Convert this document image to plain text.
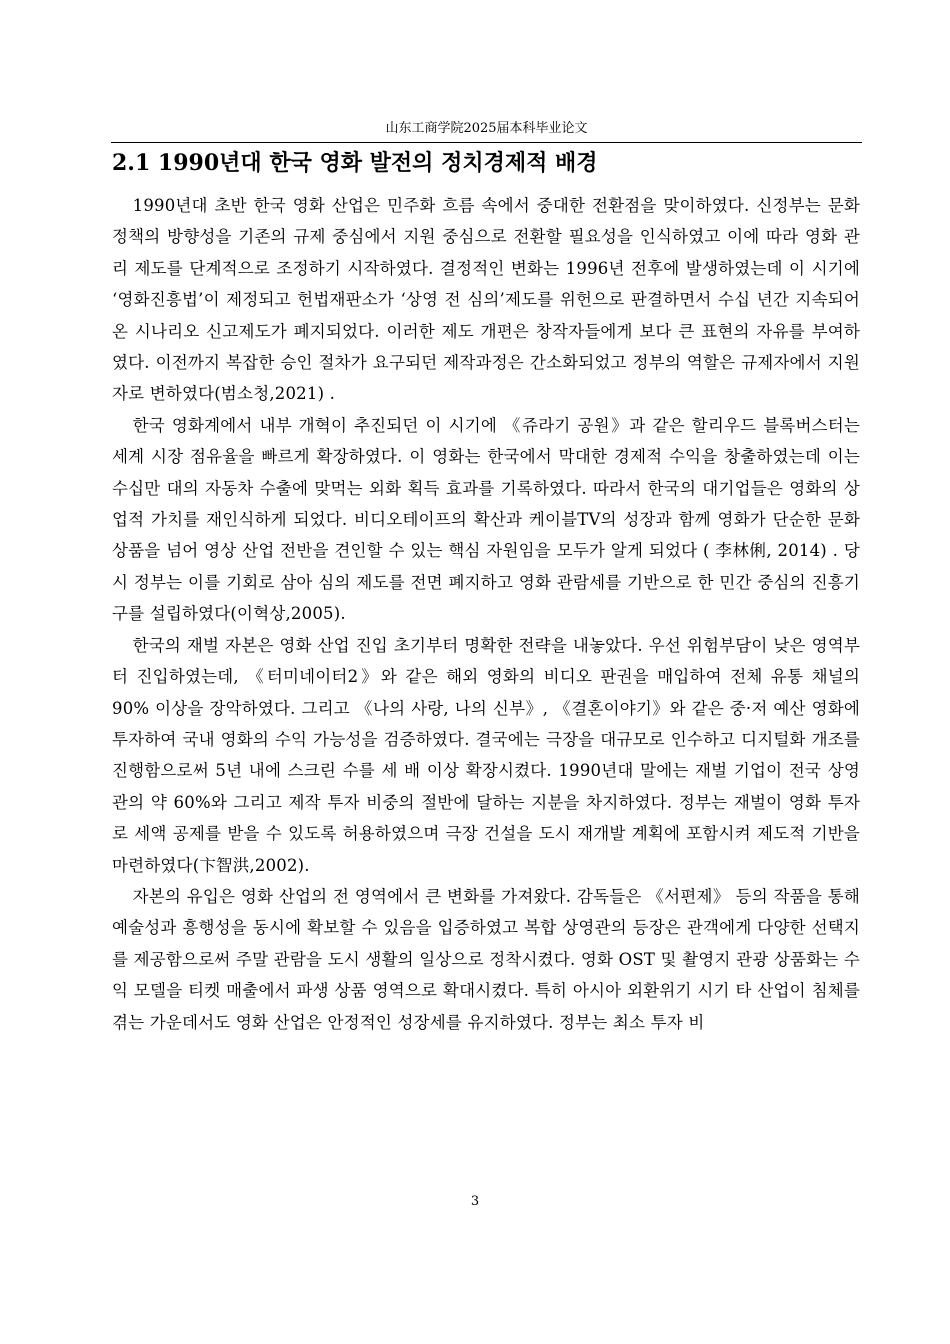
山东工商学院2025届本科毕业论文
2.1 1990년대 한국 영화 발전의 정치경제적 배경

1990년대 초반 한국 영화 산업은 민주화 흐름 속에서 중대한 전환점을 맞이하였다. 신정부는 문화 정책의 방향성을 기존의 규제 중심에서 지원 중심으로 전환할 필요성을 인식하였고 이에 따라 영화 관리 제도를 단계적으로 조정하기 시작하였다. 결정적인 변화는 1996년 전후에 발생하였는데 이 시기에 ‘영화진흥법’이 제정되고 헌법재판소가 ‘상영 전 심의’제도를 위헌으로 판결하면서 수십 년간 지속되어 온 시나리오 신고제도가 폐지되었다. 이러한 제도 개편은 창작자들에게 보다 큰 표현의 자유를 부여하였다. 이전까지 복잡한 승인 절차가 요구되던 제작과정은 간소화되었고 정부의 역할은 규제자에서 지원자로 변하였다(범소청,2021) .

한국 영화계에서 내부 개혁이 추진되던 이 시기에 《쥬라기 공원》과 같은 할리우드 블록버스터는 세계 시장 점유율을 빠르게 확장하였다. 이 영화는 한국에서 막대한 경제적 수익을 창출하였는데 이는 수십만 대의 자동차 수출에 맞먹는 외화 획득 효과를 기록하였다. 따라서 한국의 대기업들은 영화의 상업적 가치를 재인식하게 되었다. 비디오테이프의 확산과 케이블TV의 성장과 함께 영화가 단순한 문화 상품을 넘어 영상 산업 전반을 견인할 수 있는 핵심 자원임을 모두가 알게 되었다 ( 李林俐, 2014) . 당시 정부는 이를 기회로 삼아 심의 제도를 전면 폐지하고 영화 관람세를 기반으로 한 민간 중심의 진흥기구를 설립하였다(이혁상,2005).

한국의 재벌 자본은 영화 산업 진입 초기부터 명확한 전략을 내놓았다. 우선 위험부담이 낮은 영역부터 진입하였는데, 《터미네이터2》와 같은 해외 영화의 비디오 판권을 매입하여 전체 유통 채널의 90% 이상을 장악하였다. 그리고 《나의 사랑, 나의 신부》, 《결혼이야기》와 같은 중·저 예산 영화에 투자하여 국내 영화의 수익 가능성을 검증하였다. 결국에는 극장을 대규모로 인수하고 디지털화 개조를 진행함으로써 5년 내에 스크린 수를 세 배 이상 확장시켰다. 1990년대 말에는 재벌 기업이 전국 상영관의 약 60%와 그리고 제작 투자 비중의 절반에 달하는 지분을 차지하였다. 정부는 재벌이 영화 투자로 세액 공제를 받을 수 있도록 허용하였으며 극장 건설을 도시 재개발 계획에 포함시켜 제도적 기반을 마련하였다(卞智洪,2002).

자본의 유입은 영화 산업의 전 영역에서 큰 변화를 가져왔다. 감독들은 《서편제》 등의 작품을 통해 예술성과 흥행성을 동시에 확보할 수 있음을 입증하였고 복합 상영관의 등장은 관객에게 다양한 선택지를 제공함으로써 주말 관람을 도시 생활의 일상으로 정착시켰다. 영화 OST 및 촬영지 관광 상품화는 수익 모델을 티켓 매출에서 파생 상품 영역으로 확대시켰다. 특히 아시아 외환위기 시기 타 산업이 침체를 겪는 가운데서도 영화 산업은 안정적인 성장세를 유지하였다. 정부는 최소 투자 비

3
